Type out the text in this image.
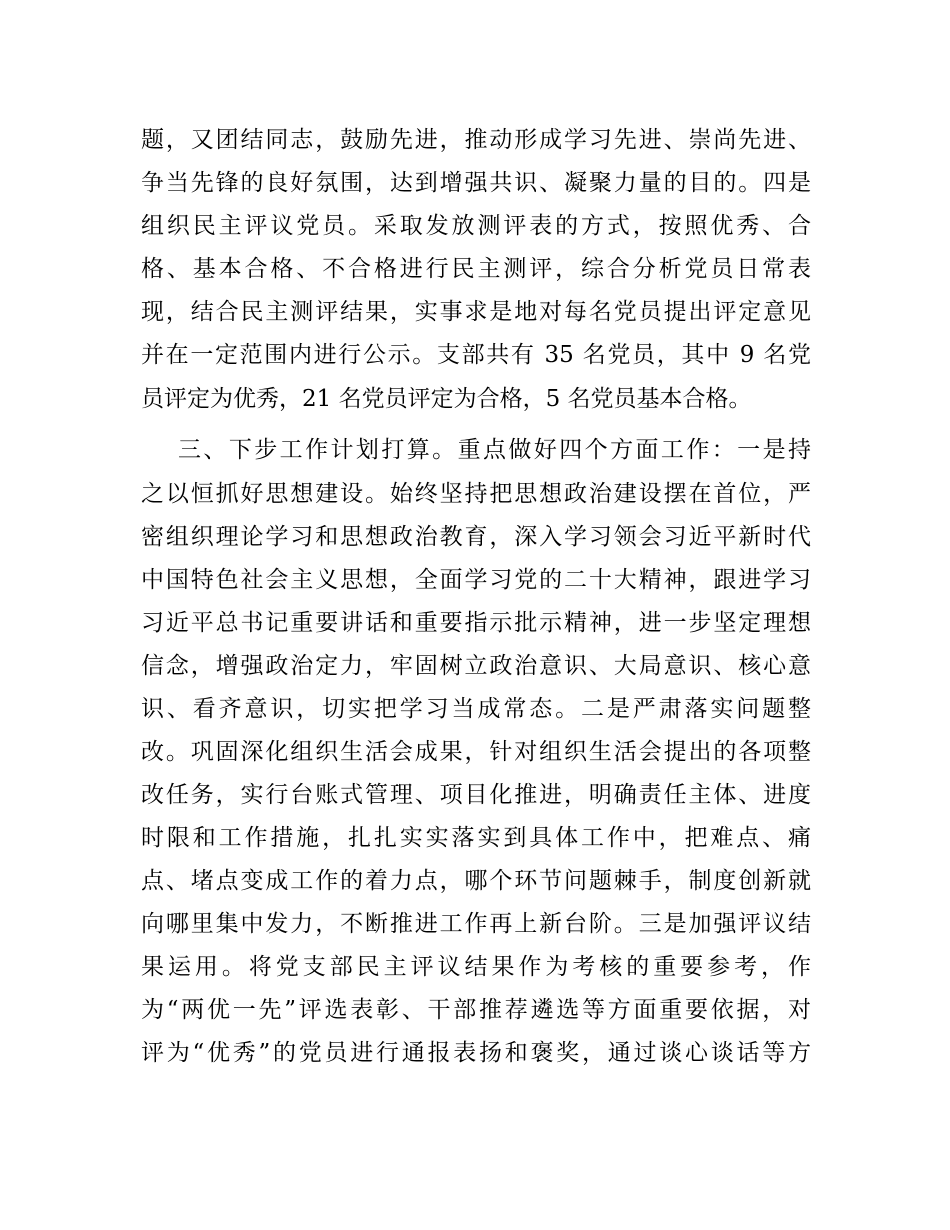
题，又团结同志，鼓励先进，推动形成学习先进、崇尚先进、
争当先锋的良好氛围，达到增强共识、凝聚力量的目的。四是
组织民主评议党员。采取发放测评表的方式，按照优秀、合
格、基本合格、不合格进行民主测评，综合分析党员日常表
现，结合民主测评结果，实事求是地对每名党员提出评定意见
并在一定范围内进行公示。支部共有 35 名党员，其中 9 名党
员评定为优秀，21 名党员评定为合格，5 名党员基本合格。
三、下步工作计划打算。重点做好四个方面工作：一是持
之以恒抓好思想建设。始终坚持把思想政治建设摆在首位，严
密组织理论学习和思想政治教育，深入学习领会习近平新时代
中国特色社会主义思想，全面学习党的二十大精神，跟进学习
习近平总书记重要讲话和重要指示批示精神，进一步坚定理想
信念，增强政治定力，牢固树立政治意识、大局意识、核心意
识、看齐意识，切实把学习当成常态。二是严肃落实问题整
改。巩固深化组织生活会成果，针对组织生活会提出的各项整
改任务，实行台账式管理、项目化推进，明确责任主体、进度
时限和工作措施，扎扎实实落实到具体工作中，把难点、痛
点、堵点变成工作的着力点，哪个环节问题棘手，制度创新就
向哪里集中发力，不断推进工作再上新台阶。三是加强评议结
果运用。将党支部民主评议结果作为考核的重要参考，作
为“两优一先”评选表彰、干部推荐遴选等方面重要依据，对
评为“优秀”的党员进行通报表扬和褒奖，通过谈心谈话等方
